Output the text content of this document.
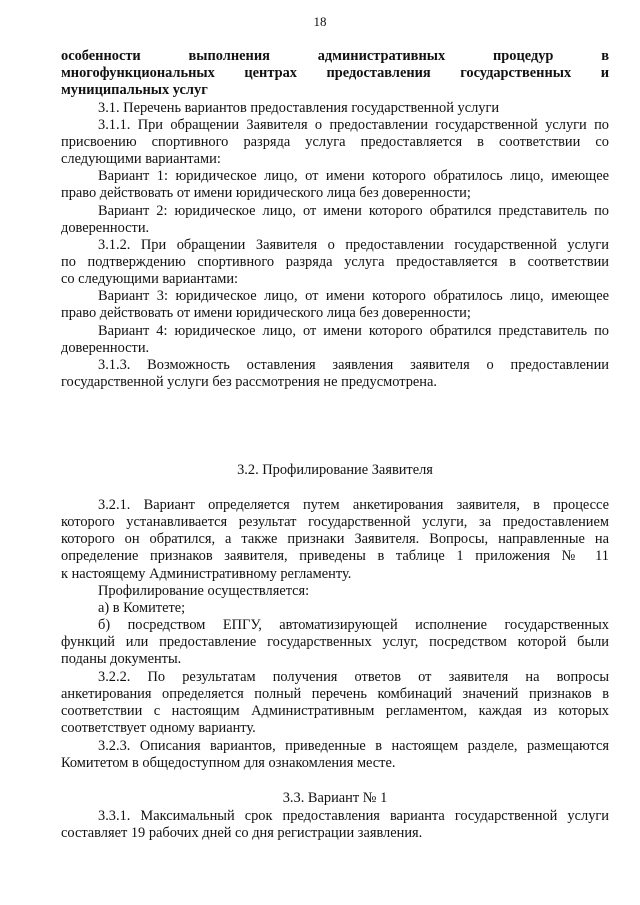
18
особенности выполнения административных процедур в
многофункциональных центрах предоставления государственных и
муниципальных услуг
3.1. Перечень вариантов предоставления государственной услуги
3.1.1. При обращении Заявителя о предоставлении государственной услуги по
присвоению спортивного разряда услуга предоставляется в соответствии со
следующими вариантами:
Вариант 1: юридическое лицо, от имени которого обратилось лицо, имеющее
право действовать от имени юридического лица без доверенности;
Вариант 2: юридическое лицо, от имени которого обратился представитель по
доверенности.
3.1.2. При обращении Заявителя о предоставлении государственной услуги
по подтверждению спортивного разряда услуга предоставляется в соответствии
со следующими вариантами:
Вариант 3: юридическое лицо, от имени которого обратилось лицо, имеющее
право действовать от имени юридического лица без доверенности;
Вариант 4: юридическое лицо, от имени которого обратился представитель по
доверенности.
3.1.3. Возможность оставления заявления заявителя о предоставлении
государственной услуги без рассмотрения не предусмотрена.
3.2. Профилирование Заявителя
3.2.1. Вариант определяется путем анкетирования заявителя, в процессе
которого устанавливается результат государственной услуги, за предоставлением
которого он обратился, а также признаки Заявителя. Вопросы, направленные на
определение признаков заявителя, приведены в таблице 1 приложения № 11
к настоящему Административному регламенту.
Профилирование осуществляется:
а) в Комитете;
б) посредством ЕПГУ, автоматизирующей исполнение государственных
функций или предоставление государственных услуг, посредством которой были
поданы документы.
3.2.2. По результатам получения ответов от заявителя на вопросы
анкетирования определяется полный перечень комбинаций значений признаков в
соответствии с настоящим Административным регламентом, каждая из которых
соответствует одному варианту.
3.2.3. Описания вариантов, приведенные в настоящем разделе, размещаются
Комитетом в общедоступном для ознакомления месте.
3.3. Вариант № 1
3.3.1. Максимальный срок предоставления варианта государственной услуги
составляет 19 рабочих дней со дня регистрации заявления.
